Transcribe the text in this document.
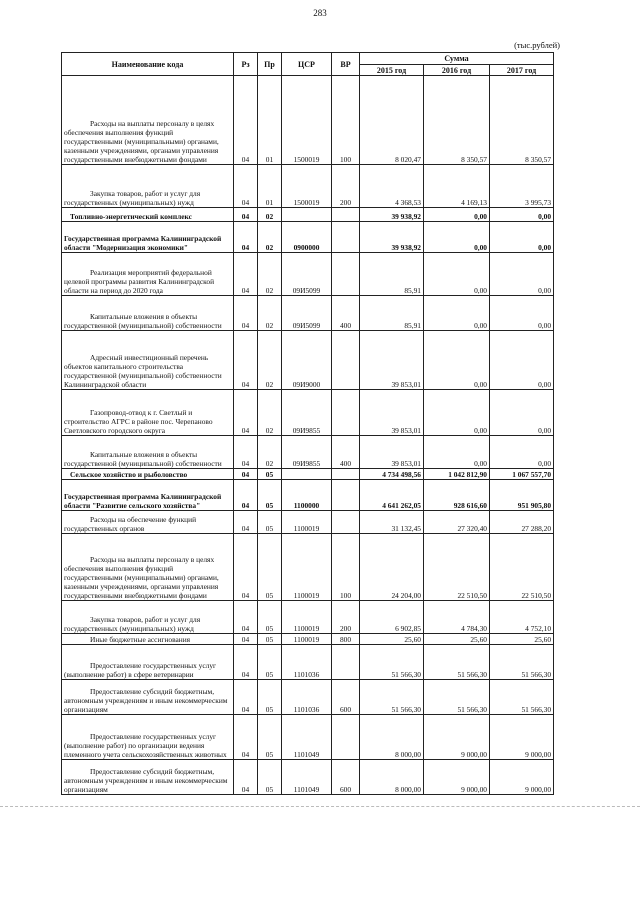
283
(тыс.рублей)
Наименование кода	Рз	Пр	ЦСР	ВР	Сумма		
					2015 год	2016 год	2017 год
Расходы на выплаты персоналу в целях обеспечения выполнения функций государственными (муниципальными) органами, казенными учреждениями, органами управления государственными внебюджетными фондами	04	01	1500019	100	8 020,47	8 350,57	8 350,57
Закупка товаров, работ и услуг для государственных (муниципальных) нужд	04	01	1500019	200	4 368,53	4 169,13	3 995,73
Топливно-энергетический комплекс	04	02			39 938,92	0,00	0,00
Государственная программа Калининградской области "Модернизация экономики"	04	02	0900000		39 938,92	0,00	0,00
Реализация мероприятий федеральной целевой программы развития Калининградской области на период до 2020 года	04	02	09И5099		85,91	0,00	0,00
Капитальные вложения в объекты государственной (муниципальной) собственности	04	02	09И5099	400	85,91	0,00	0,00
Адресный инвестиционный перечень объектов капитального строительства государственной (муниципальной) собственности Калининградской области	04	02	09И9000		39 853,01	0,00	0,00
Газопровод-отвод к г. Светлый и строительство АГРС в районе пос. Черепаново Светловского городского округа	04	02	09И9855		39 853,01	0,00	0,00
Капитальные вложения в объекты государственной (муниципальной) собственности	04	02	09И9855	400	39 853,01	0,00	0,00
Сельское хозяйство и рыболовство	04	05			4 734 498,56	1 042 812,90	1 067 557,70
Государственная программа Калининградской области "Развитие сельского хозяйства"	04	05	1100000		4 641 262,05	928 616,60	951 905,80
Расходы на обеспечение функций государственных органов	04	05	1100019		31 132,45	27 320,40	27 288,20
Расходы на выплаты персоналу в целях обеспечения выполнения функций государственными (муниципальными) органами, казенными учреждениями, органами управления государственными внебюджетными фондами	04	05	1100019	100	24 204,00	22 510,50	22 510,50
Закупка товаров, работ и услуг для государственных (муниципальных) нужд	04	05	1100019	200	6 902,85	4 784,30	4 752,10
Иные бюджетные ассигнования	04	05	1100019	800	25,60	25,60	25,60
Предоставление государственных услуг (выполнение работ) в сфере ветеринарии	04	05	1101036		51 566,30	51 566,30	51 566,30
Предоставление субсидий бюджетным, автономным учреждениям и иным некоммерческим организациям	04	05	1101036	600	51 566,30	51 566,30	51 566,30
Предоставление государственных услуг (выполнение работ) по организации ведения племенного учета сельскохозяйственных животных	04	05	1101049		8 000,00	9 000,00	9 000,00
Предоставление субсидий бюджетным, автономным учреждениям и иным некоммерческим организациям	04	05	1101049	600	8 000,00	9 000,00	9 000,00
